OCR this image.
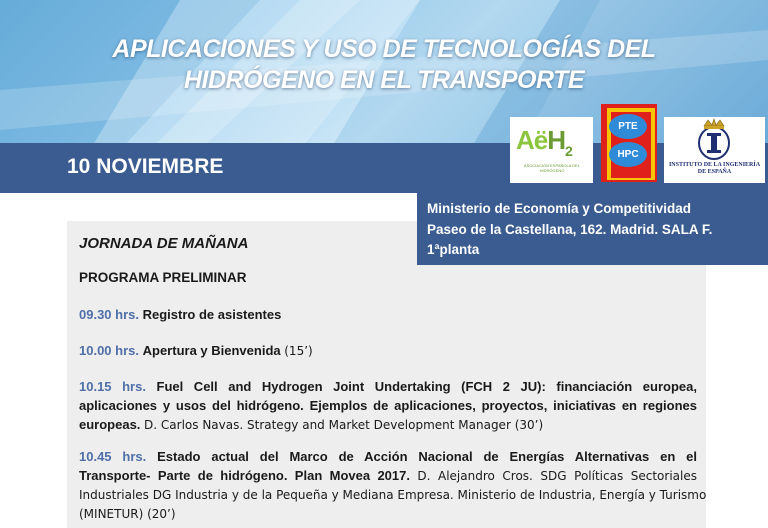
APLICACIONES Y USO DE TECNOLOGÍAS DEL
HIDRÓGENO EN EL TRANSPORTE
10 NOVIEMBRE
AëH$_2$
ASOCIACIÓN ESPAÑOLA DEL HIDRÓGENO
PTE
HPC
INSTITUTO DE LA INGENIERÍA
DE ESPAÑA
Ministerio de Economía y Competitividad
Paseo de la Castellana, 162. Madrid. SALA F.
1ªplanta
JORNADA DE MAÑANA
PROGRAMA PRELIMINAR
09.30 hrs. Registro de asistentes
10.00 hrs. Apertura y Bienvenida (15’)
10.15 hrs. Fuel Cell and Hydrogen Joint Undertaking (FCH 2 JU): financiación europea,
aplicaciones y usos del hidrógeno. Ejemplos de aplicaciones, proyectos, iniciativas en regiones
europeas. D. Carlos Navas. Strategy and Market Development Manager (30’)
10.45 hrs. Estado actual del Marco de Acción Nacional de Energías Alternativas en el
Transporte- Parte de hidrógeno. Plan Movea 2017. D. Alejandro Cros. SDG Políticas Sectoriales
Industriales DG Industria y de la Pequeña y Mediana Empresa. Ministerio de Industria, Energía y Turismo
(MINETUR) (20’)
